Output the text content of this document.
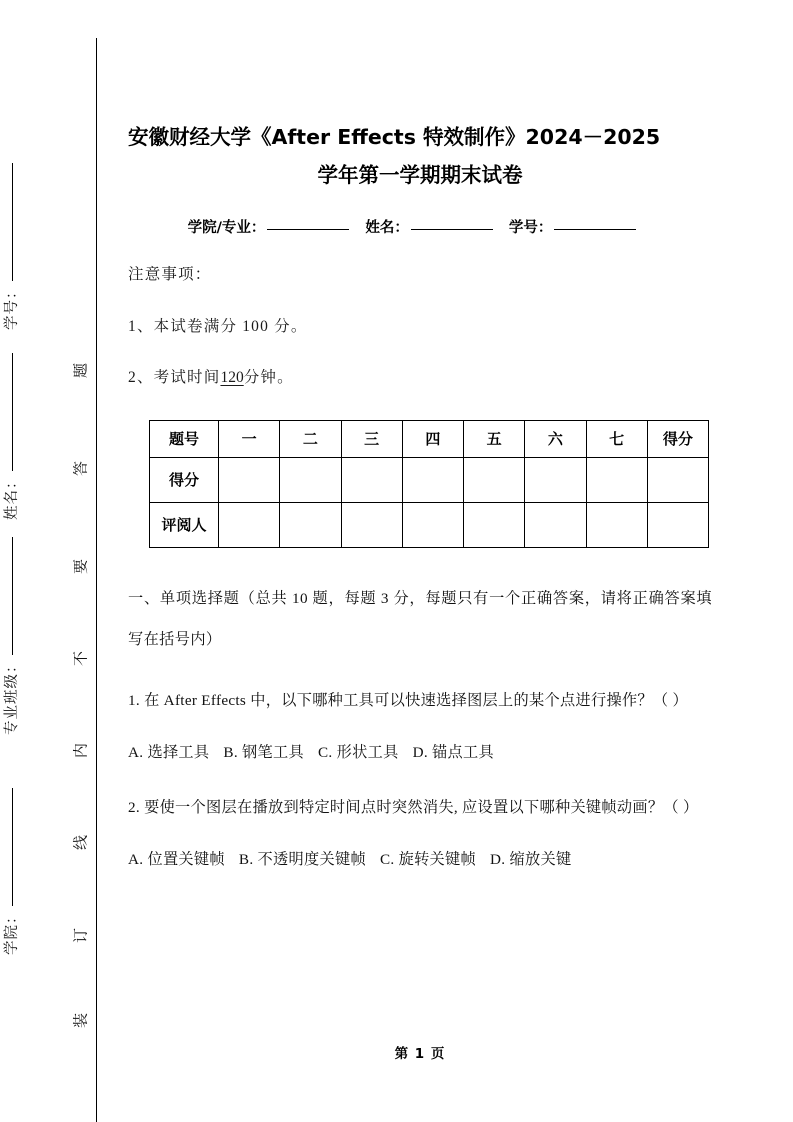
学号：
姓名：
专业班级：
学院：
题
答
要
不
内
线
订
装
安徽财经大学《After Effects 特效制作》2024－2025
学年第一学期期末试卷
学院/专业：	姓名：	学号：

注意事项：

1、本试卷满分 100 分。

2、考试时间120分钟。

题号	一	二	三	四	五	六	七	得分
得分								
评阅人								

一、单项选择题（总共 10 题，每题 3 分，每题只有一个正确答案，请将正确答案填写在括号内）

1. 在 After Effects 中，以下哪种工具可以快速选择图层上的某个点进行操作？（ ）

A. 选择工具 B. 钢笔工具 C. 形状工具 D. 锚点工具

2. 要使一个图层在播放到特定时间点时突然消失, 应设置以下哪种关键帧动画？（ ）

A. 位置关键帧 B. 不透明度关键帧 C. 旋转关键帧 D. 缩放关键

第 1 页
